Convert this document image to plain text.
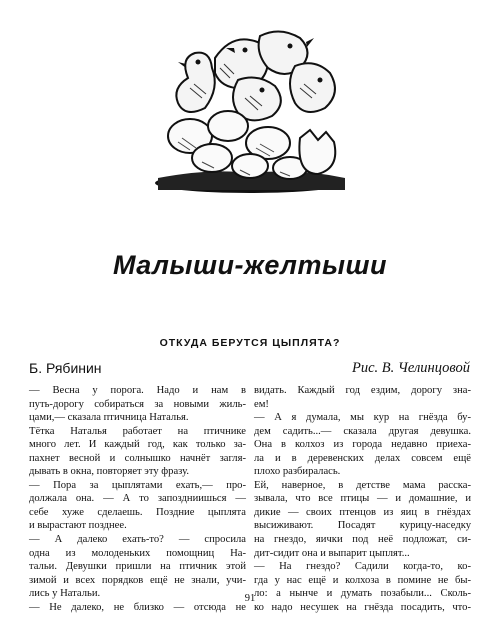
Малыши-желтыши
ОТКУДА БЕРУТСЯ ЦЫПЛЯТА?
Б. Рябинин	Рис. В. Челинцовой
— Весна у порога. Надо и нам в
путь-дорогу собираться за новыми жиль-
цами,— сказала птичница Наталья.
Тётка Наталья работает на птичнике
много лет. И каждый год, как только за-
пахнет весной и солнышко начнёт загля-
дывать в окна, повторяет эту фразу.
— Пора за цыплятами ехать,— про-
должала она. — А то запоздниишься —
себе хуже сделаешь. Поздние цыплята
и вырастают позднее.
— А далеко ехать-то? — спросила
одна из молоденьких помощниц На-
тальи. Девушки пришли на птичник этой
зимой и всех порядков ещё не знали, учи-
лись у Натальи.
— Не далеко, не близко — отсюда не
видать. Каждый год ездим, дорогу зна-
ем!
— А я думала, мы кур на гнёзда бу-
дем садить...— сказала другая девушка.
Она в колхоз из города недавно приеха-
ла и в деревенских делах совсем ещё
плохо разбиралась.
Ей, наверное, в детстве мама расска-
зывала, что все птицы — и домашние, и
дикие — своих птенцов из яиц в гнёздах
высиживают. Посадят курицу-наседку
на гнездо, яички под неё подложат, си-
дит-сидит она и выпарит цыплят...
— На гнездо? Садили когда-то, ко-
гда у нас ещё и колхоза в помине не бы-
ло: а нынче и думать позабыли... Сколь-
ко надо несушек на гнёзда посадить, что-
91
